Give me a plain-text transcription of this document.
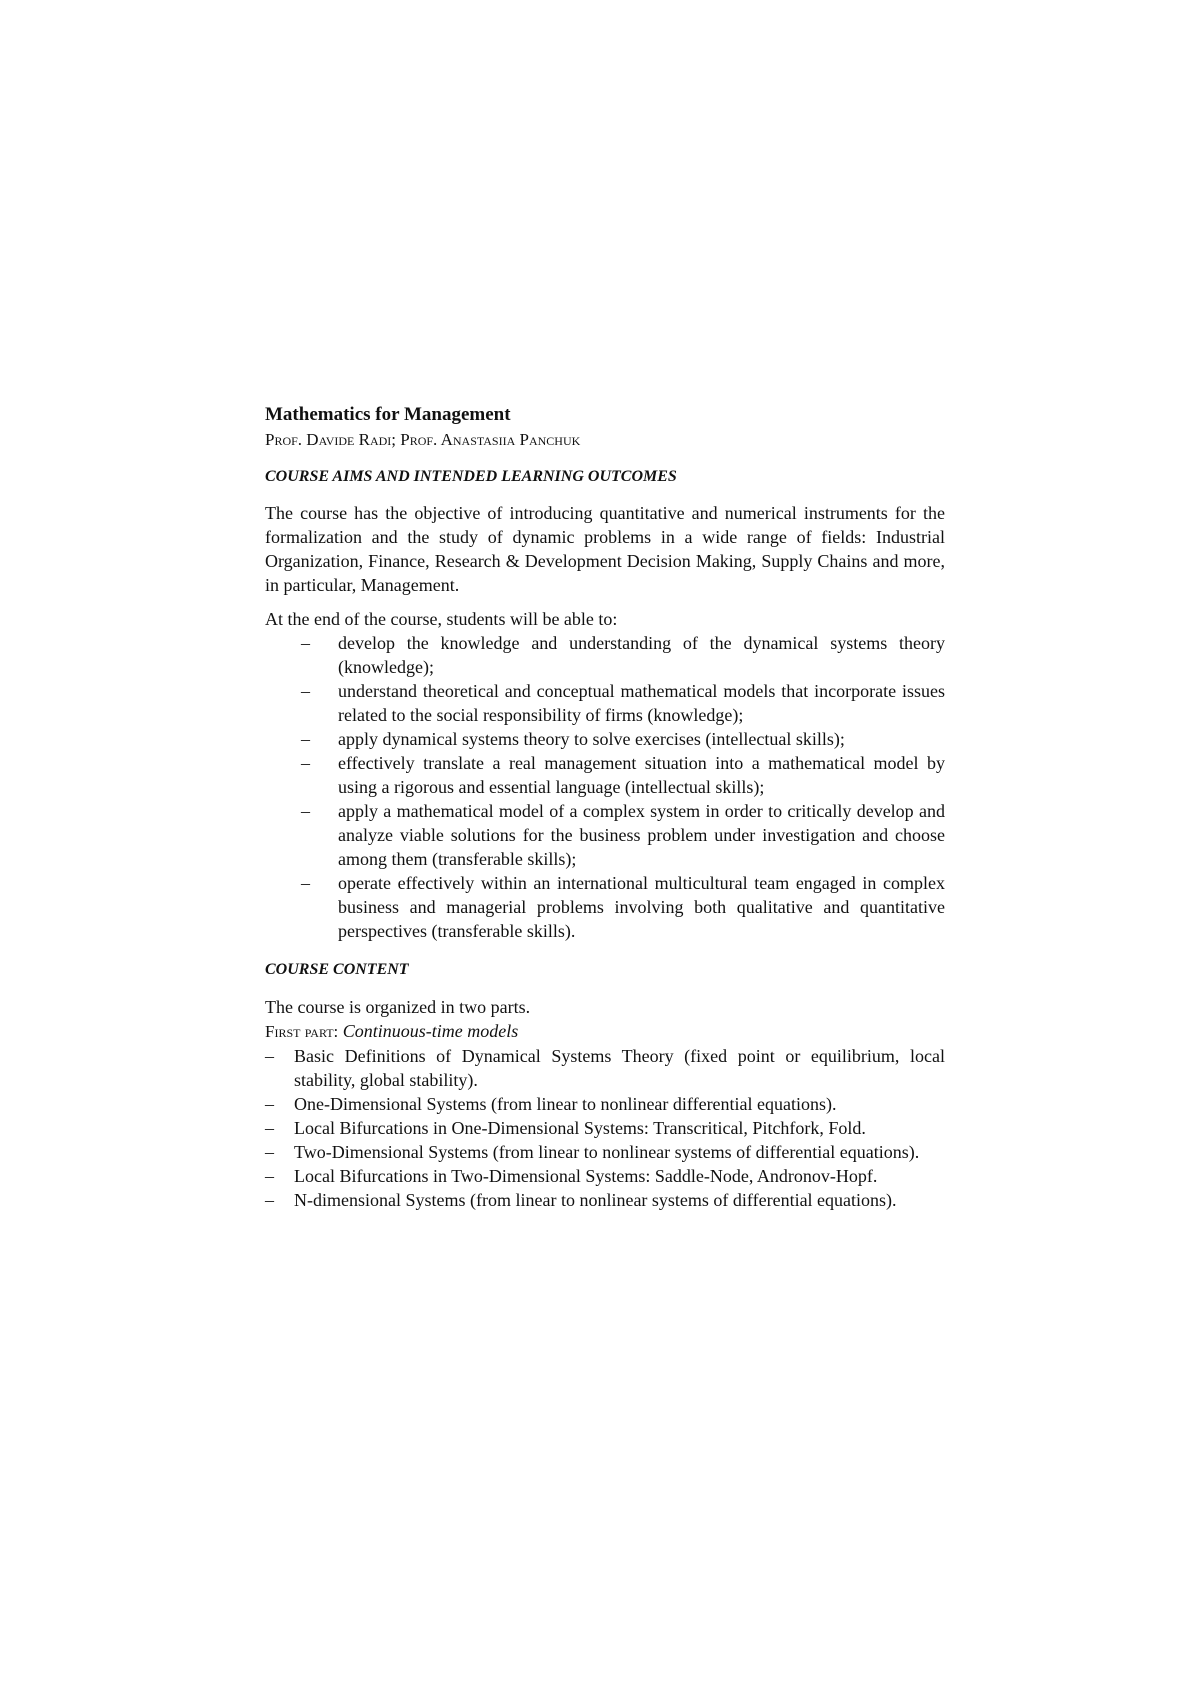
Mathematics for Management

Prof. Davide Radi; Prof. Anastasiia Panchuk

COURSE AIMS AND INTENDED LEARNING OUTCOMES

The course has the objective of introducing quantitative and numerical instruments for the formalization and the study of dynamic problems in a wide range of fields: Industrial Organization, Finance, Research & Development Decision Making, Supply Chains and more, in particular, Management.

At the end of the course, students will be able to:

– develop the knowledge and understanding of the dynamical systems theory (knowledge);
– understand theoretical and conceptual mathematical models that incorporate issues related to the social responsibility of firms (knowledge);
– apply dynamical systems theory to solve exercises (intellectual skills);
– effectively translate a real management situation into a mathematical model by using a rigorous and essential language (intellectual skills);
– apply a mathematical model of a complex system in order to critically develop and analyze viable solutions for the business problem under investigation and choose among them (transferable skills);
– operate effectively within an international multicultural team engaged in complex business and managerial problems involving both qualitative and quantitative perspectives (transferable skills).
COURSE CONTENT

The course is organized in two parts.

First part: Continuous-time models

– Basic Definitions of Dynamical Systems Theory (fixed point or equilibrium, local stability, global stability).
– One-Dimensional Systems (from linear to nonlinear differential equations).
– Local Bifurcations in One-Dimensional Systems: Transcritical, Pitchfork, Fold.
– Two-Dimensional Systems (from linear to nonlinear systems of differential equations).
– Local Bifurcations in Two-Dimensional Systems: Saddle-Node, Andronov-Hopf.
– N-dimensional Systems (from linear to nonlinear systems of differential equations).
